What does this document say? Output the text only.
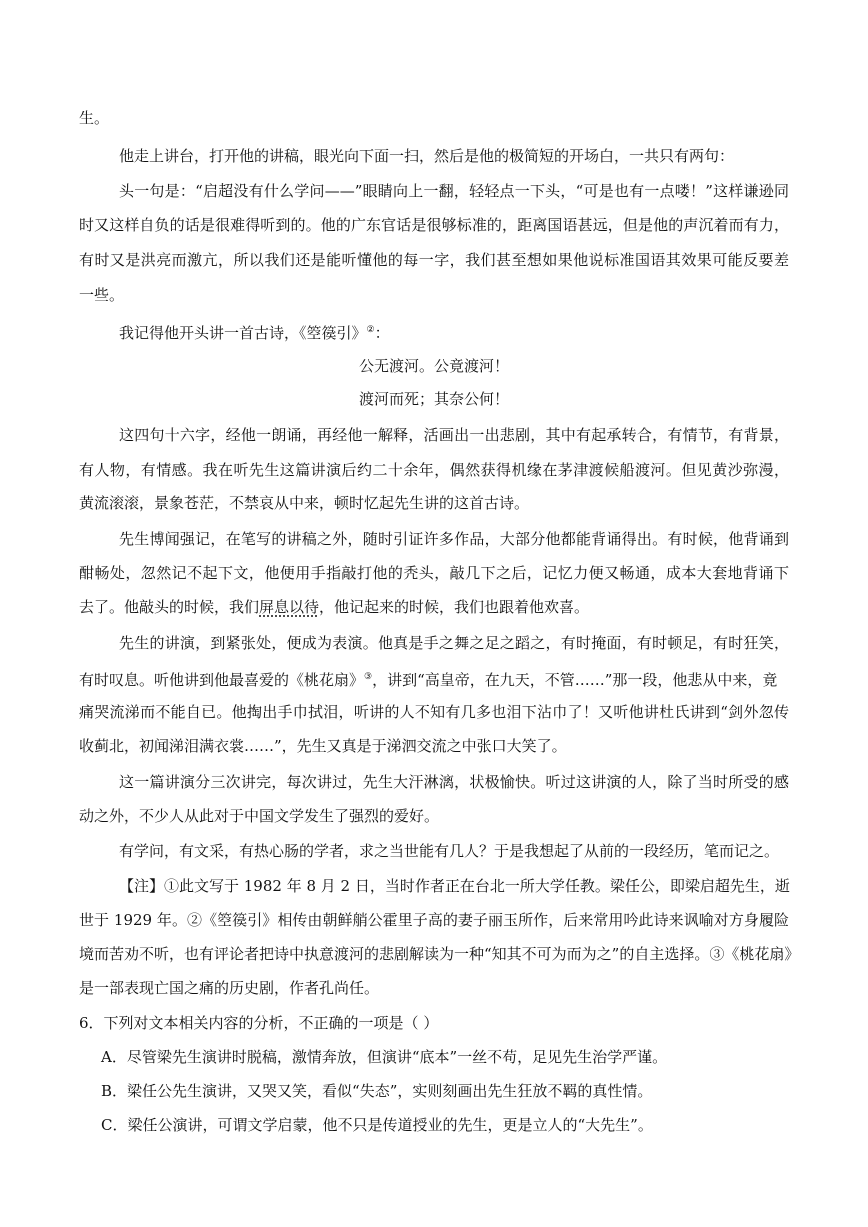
生。
他走上讲台，打开他的讲稿，眼光向下面一扫，然后是他的极简短的开场白，一共只有两句：
头一句是：“启超没有什么学问——”眼睛向上一翻，轻轻点一下头，“可是也有一点喽！”这样谦逊同
时又这样自负的话是很难得听到的。他的广东官话是很够标准的，距离国语甚远，但是他的声沉着而有力，
有时又是洪亮而激亢，所以我们还是能听懂他的每一字，我们甚至想如果他说标准国语其效果可能反要差
一些。
我记得他开头讲一首古诗，《箜篌引》②：
公无渡河。公竟渡河！
渡河而死；其奈公何！
这四句十六字，经他一朗诵，再经他一解释，活画出一出悲剧，其中有起承转合，有情节，有背景，
有人物，有情感。我在听先生这篇讲演后约二十余年，偶然获得机缘在茅津渡候船渡河。但见黄沙弥漫，
黄流滚滚，景象苍茫，不禁哀从中来，顿时忆起先生讲的这首古诗。
先生博闻强记，在笔写的讲稿之外，随时引证许多作品，大部分他都能背诵得出。有时候，他背诵到
酣畅处，忽然记不起下文，他便用手指敲打他的秃头，敲几下之后，记忆力便又畅通，成本大套地背诵下
去了。他敲头的时候，我们屏息以待，他记起来的时候，我们也跟着他欢喜。
先生的讲演，到紧张处，便成为表演。他真是手之舞之足之蹈之，有时掩面，有时顿足，有时狂笑，
有时叹息。听他讲到他最喜爱的《桃花扇》③，讲到“高皇帝，在九天，不管……”那一段，他悲从中来，竟
痛哭流涕而不能自已。他掏出手巾拭泪，听讲的人不知有几多也泪下沾巾了！又听他讲杜氏讲到“剑外忽传
收蓟北，初闻涕泪满衣裳……”，先生又真是于涕泗交流之中张口大笑了。
这一篇讲演分三次讲完，每次讲过，先生大汗淋漓，状极愉快。听过这讲演的人，除了当时所受的感
动之外，不少人从此对于中国文学发生了强烈的爱好。
有学问，有文采，有热心肠的学者，求之当世能有几人？于是我想起了从前的一段经历，笔而记之。
【注】①此文写于 1982 年 8 月 2 日，当时作者正在台北一所大学任教。梁任公，即梁启超先生，逝
世于 1929 年。②《箜篌引》相传由朝鲜艄公霍里子高的妻子丽玉所作，后来常用吟此诗来讽喻对方身履险
境而苦劝不听，也有评论者把诗中执意渡河的悲剧解读为一种“知其不可为而为之”的自主选择。③《桃花扇》
是一部表现亡国之痛的历史剧，作者孔尚任。
6．下列对文本相关内容的分析，不正确的一项是（ ）
A．尽管梁先生演讲时脱稿，激情奔放，但演讲“底本”一丝不苟，足见先生治学严谨。
B．梁任公先生演讲，又哭又笑，看似“失态”，实则刻画出先生狂放不羁的真性情。
C．梁任公演讲，可谓文学启蒙，他不只是传道授业的先生，更是立人的“大先生”。
